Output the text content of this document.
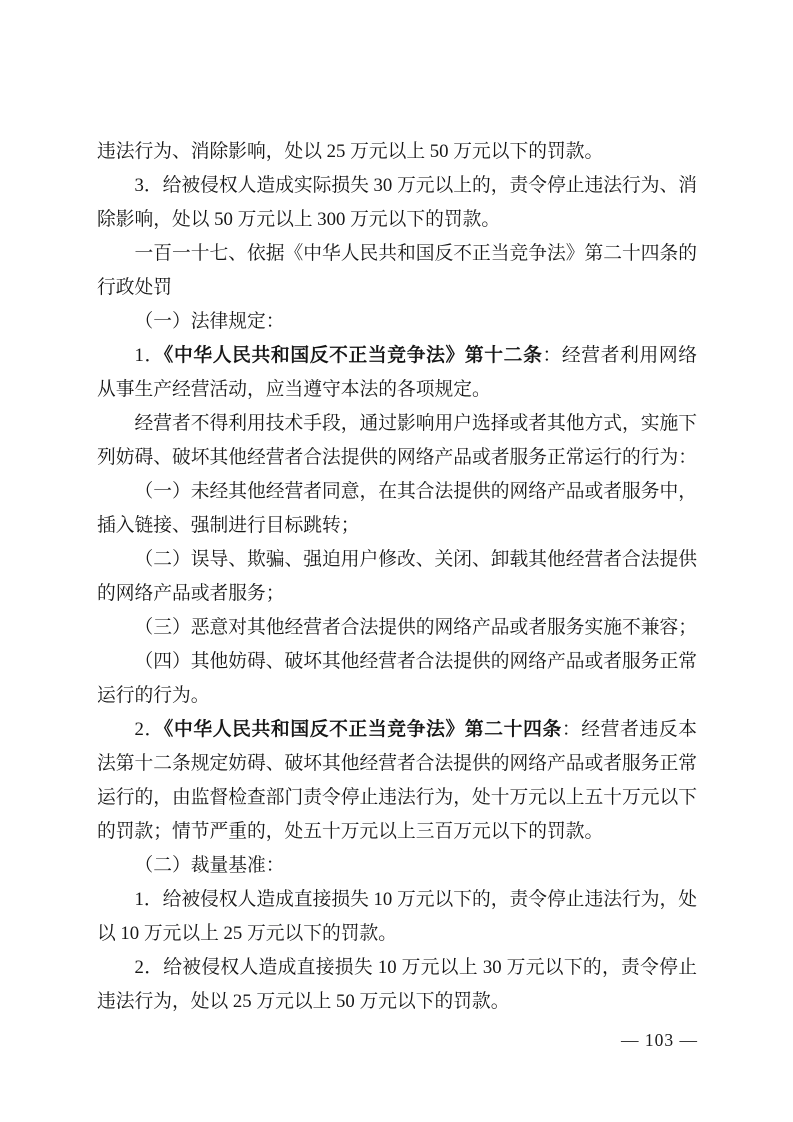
违法行为、消除影响，处以 25 万元以上 50 万元以下的罚款。
3．给被侵权人造成实际损失 30 万元以上的，责令停止违法行为、消
除影响，处以 50 万元以上 300 万元以下的罚款。
一百一十七、依据《中华人民共和国反不正当竞争法》第二十四条的
行政处罚
（一）法律规定：
1．《中华人民共和国反不正当竞争法》第十二条：经营者利用网络
从事生产经营活动，应当遵守本法的各项规定。
经营者不得利用技术手段，通过影响用户选择或者其他方式，实施下
列妨碍、破坏其他经营者合法提供的网络产品或者服务正常运行的行为：
（一）未经其他经营者同意，在其合法提供的网络产品或者服务中，
插入链接、强制进行目标跳转；
（二）误导、欺骗、强迫用户修改、关闭、卸载其他经营者合法提供
的网络产品或者服务；
（三）恶意对其他经营者合法提供的网络产品或者服务实施不兼容；
（四）其他妨碍、破坏其他经营者合法提供的网络产品或者服务正常
运行的行为。
2．《中华人民共和国反不正当竞争法》第二十四条：经营者违反本
法第十二条规定妨碍、破坏其他经营者合法提供的网络产品或者服务正常
运行的，由监督检查部门责令停止违法行为，处十万元以上五十万元以下
的罚款；情节严重的，处五十万元以上三百万元以下的罚款。
（二）裁量基准：
1．给被侵权人造成直接损失 10 万元以下的，责令停止违法行为，处
以 10 万元以上 25 万元以下的罚款。
2．给被侵权人造成直接损失 10 万元以上 30 万元以下的，责令停止
违法行为，处以 25 万元以上 50 万元以下的罚款。
— 103 —
